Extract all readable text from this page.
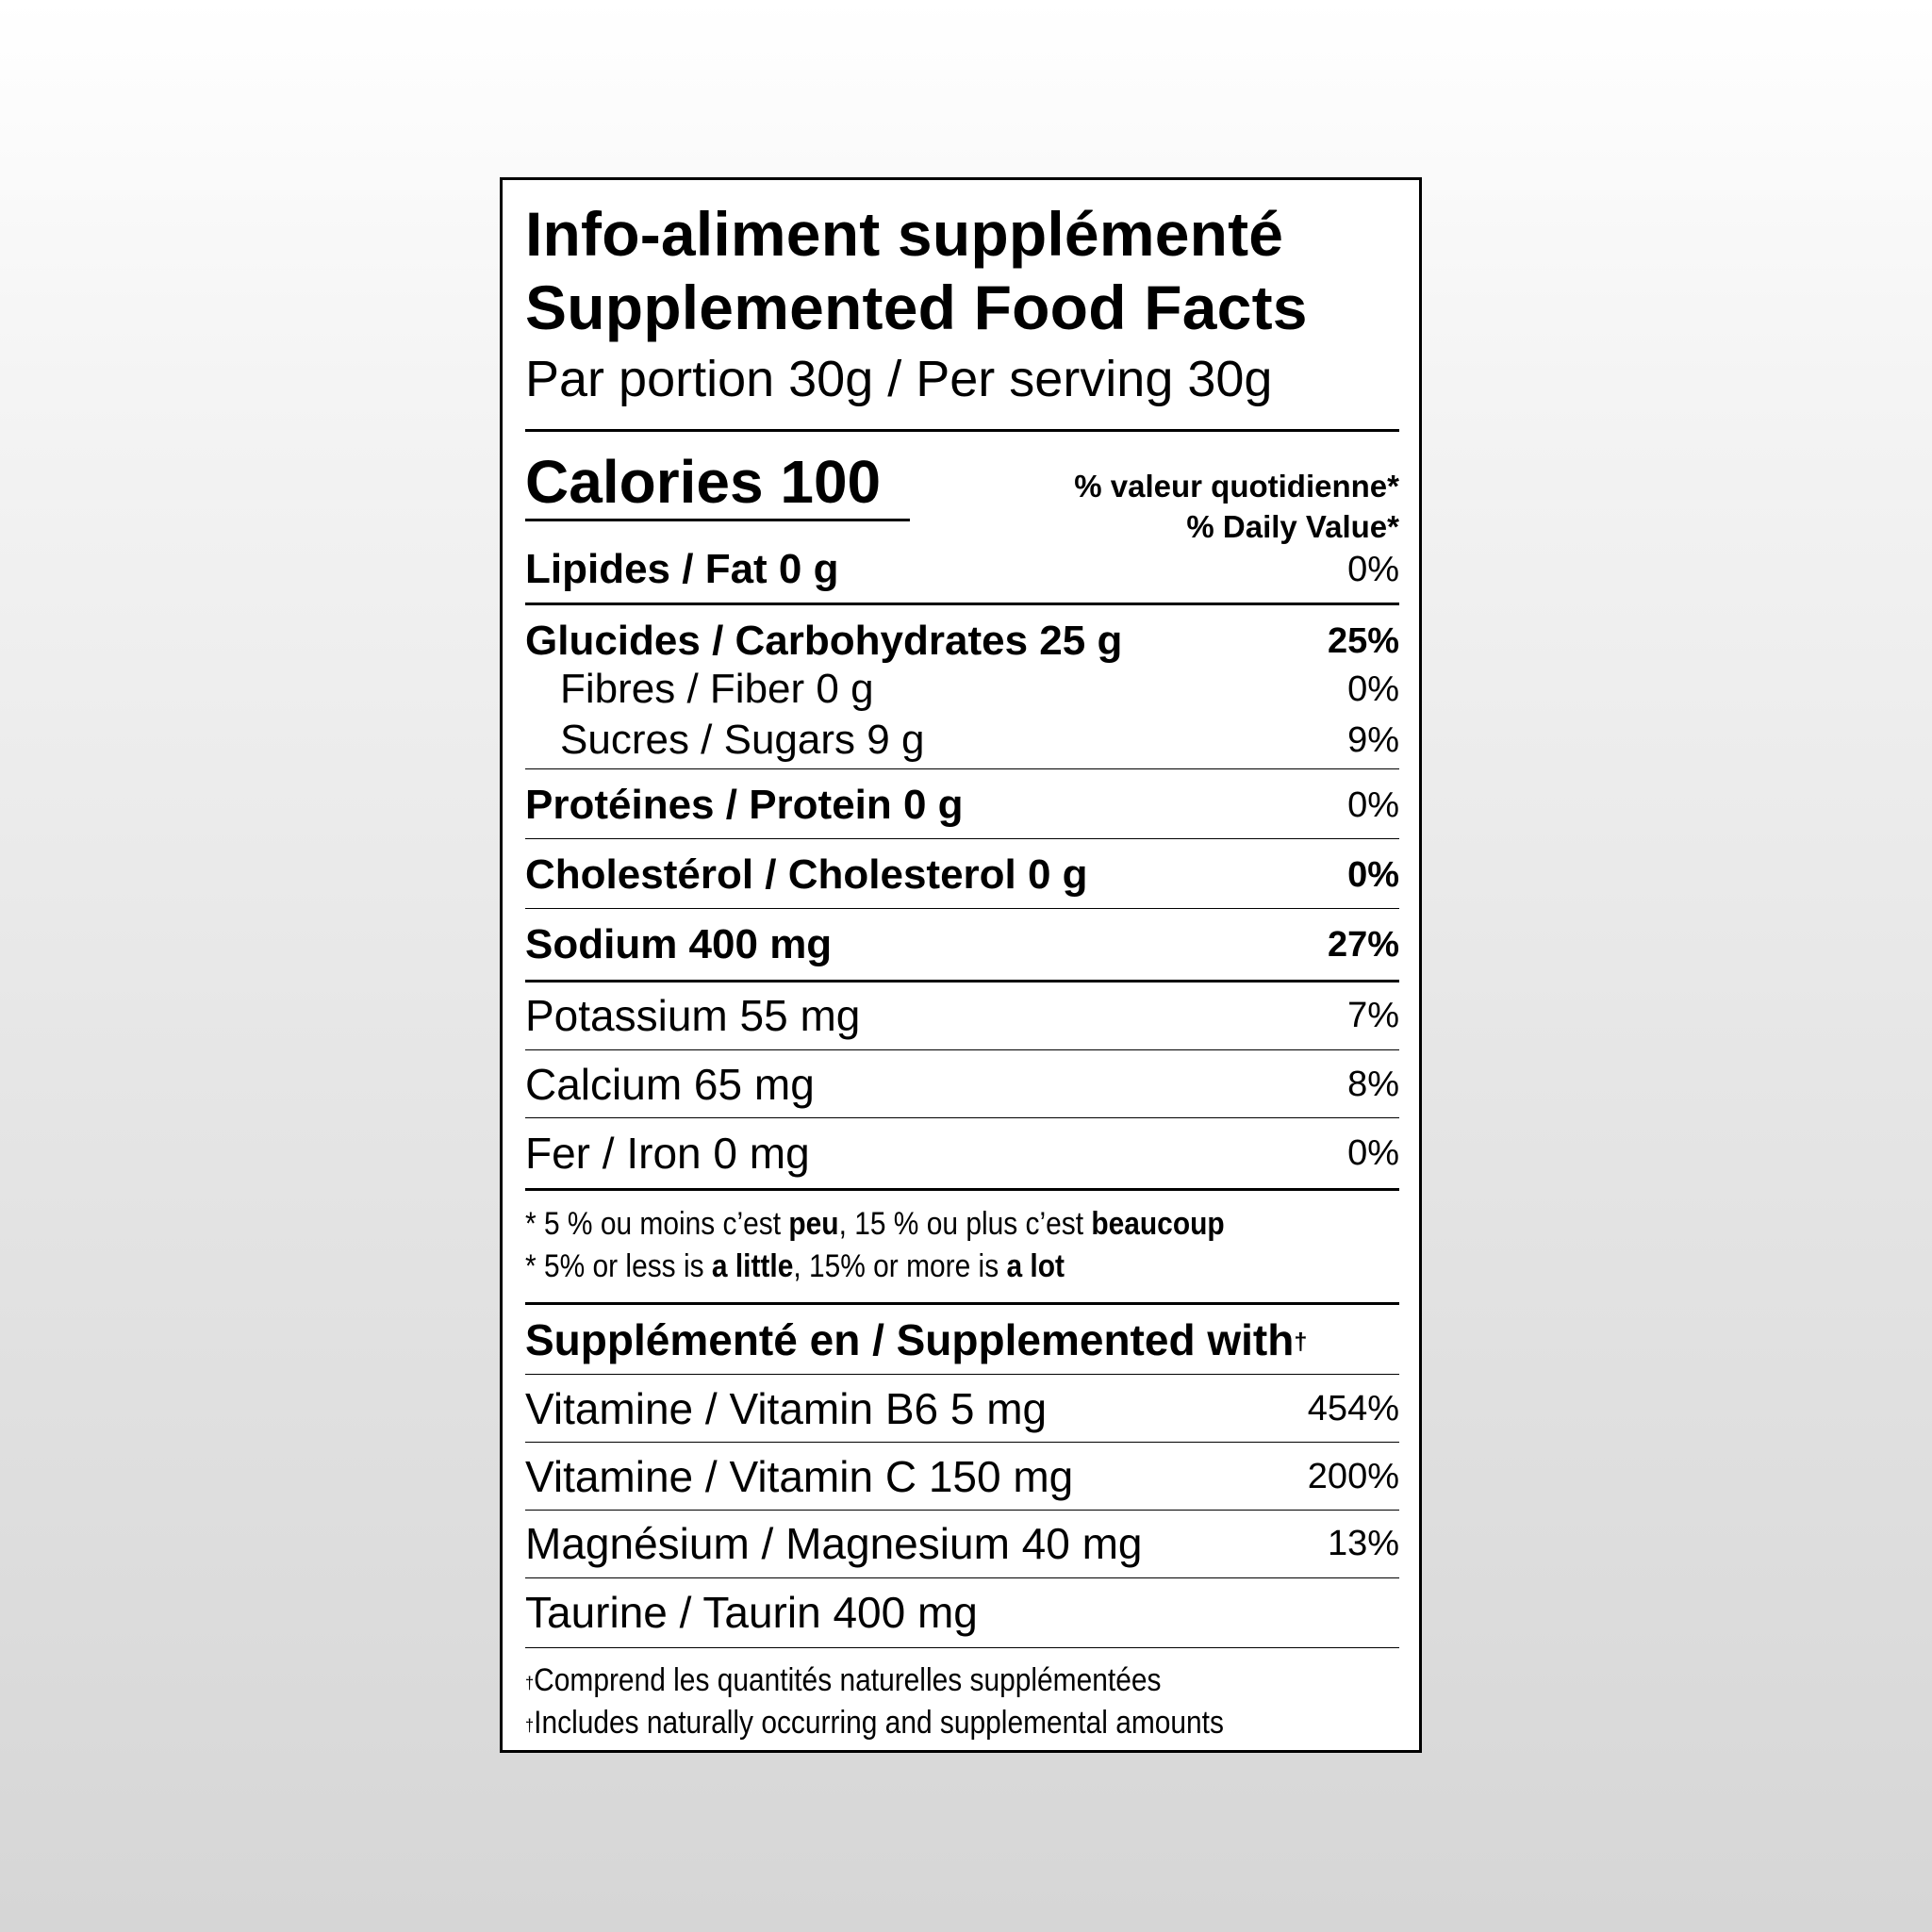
Info-aliment supplémenté
Supplemented Food Facts
Par portion 30g / Per serving 30g
Calories 100	% valeur quotidienne*
% Daily Value*
Lipides / Fat 0 g	0%
Glucides / Carbohydrates 25 g	25%
Fibres / Fiber 0 g	0%
Sucres / Sugars 9 g	9%
Protéines / Protein 0 g	0%
Cholestérol / Cholesterol 0 g	0%
Sodium 400 mg	27%
Potassium 55 mg	7%
Calcium 65 mg	8%
Fer / Iron 0 mg	0%
* 5 % ou moins c’est peu, 15 % ou plus c’est beaucoup
* 5% or less is a little, 15% or more is a lot
Supplémenté en / Supplemented with†
Vitamine / Vitamin B6 5 mg	454%
Vitamine / Vitamin C 150 mg	200%
Magnésium / Magnesium 40 mg	13%
Taurine / Taurin 400 mg
†Comprend les quantités naturelles supplémentées
†Includes naturally occurring and supplemental amounts
